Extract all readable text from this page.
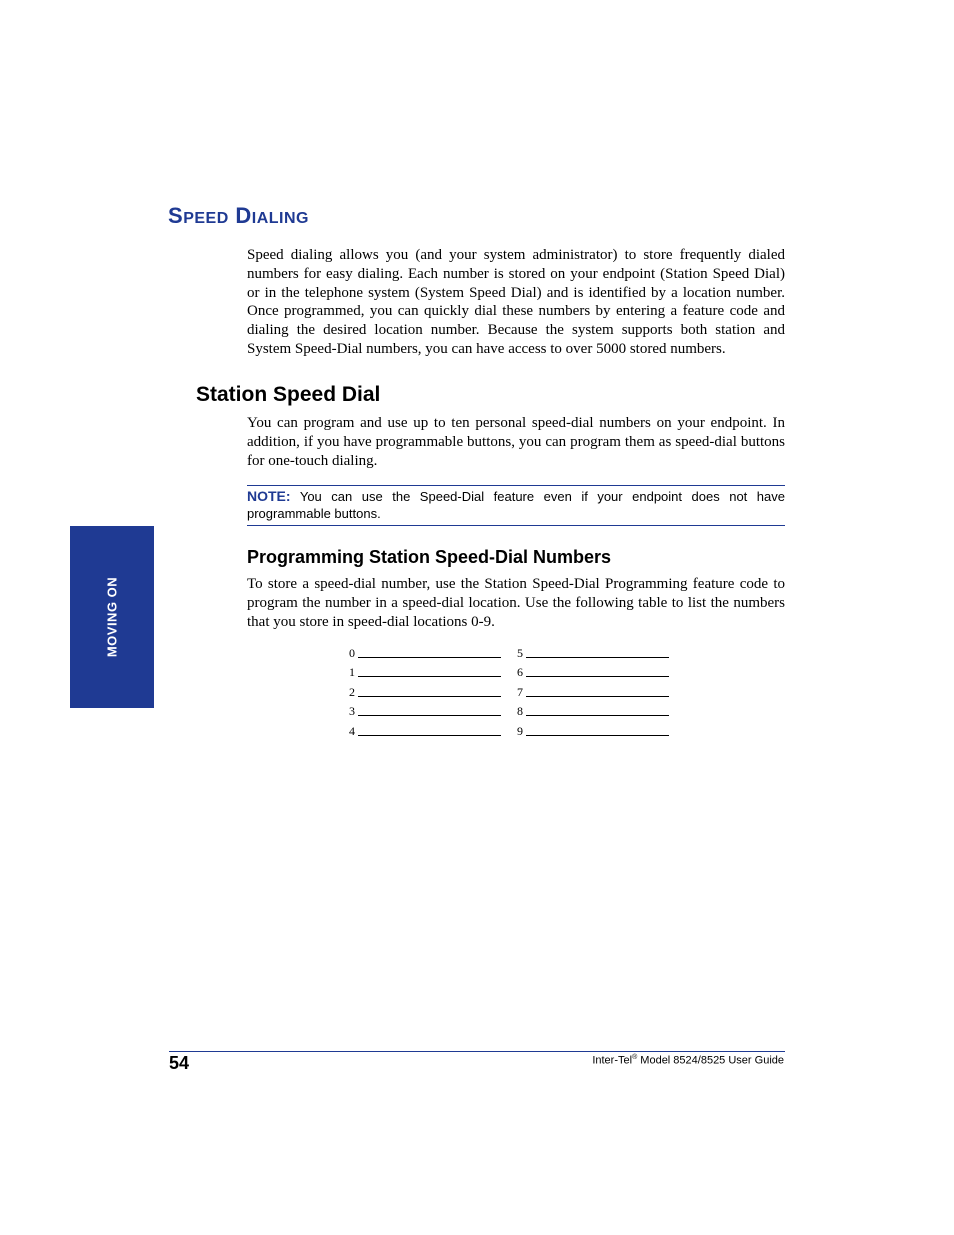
SPEED DIALING

Speed dialing allows you (and your system administrator) to store frequently dialed numbers for easy dialing. Each number is stored on your endpoint (Station Speed Dial) or in the telephone system (System Speed Dial) and is identified by a location number. Once programmed, you can quickly dial these numbers by entering a feature code and dialing the desired location number. Because the system supports both station and System Speed-Dial numbers, you can have access to over 5000 stored numbers.

Station Speed Dial

You can program and use up to ten personal speed-dial numbers on your endpoint. In addition, if you have programmable buttons, you can program them as speed-dial buttons for one-touch dialing.

NOTE: You can use the Speed-Dial feature even if your endpoint does not have programmable buttons.
Programming Station Speed-Dial Numbers

To store a speed-dial number, use the Station Speed-Dial Programming feature code to program the number in a speed-dial location. Use the following table to list the numbers that you store in speed-dial locations 0-9.

0	5
1	6
2	7
3	8
4	9
MOVING ON
54	Inter-Tel® Model 8524/8525 User Guide
